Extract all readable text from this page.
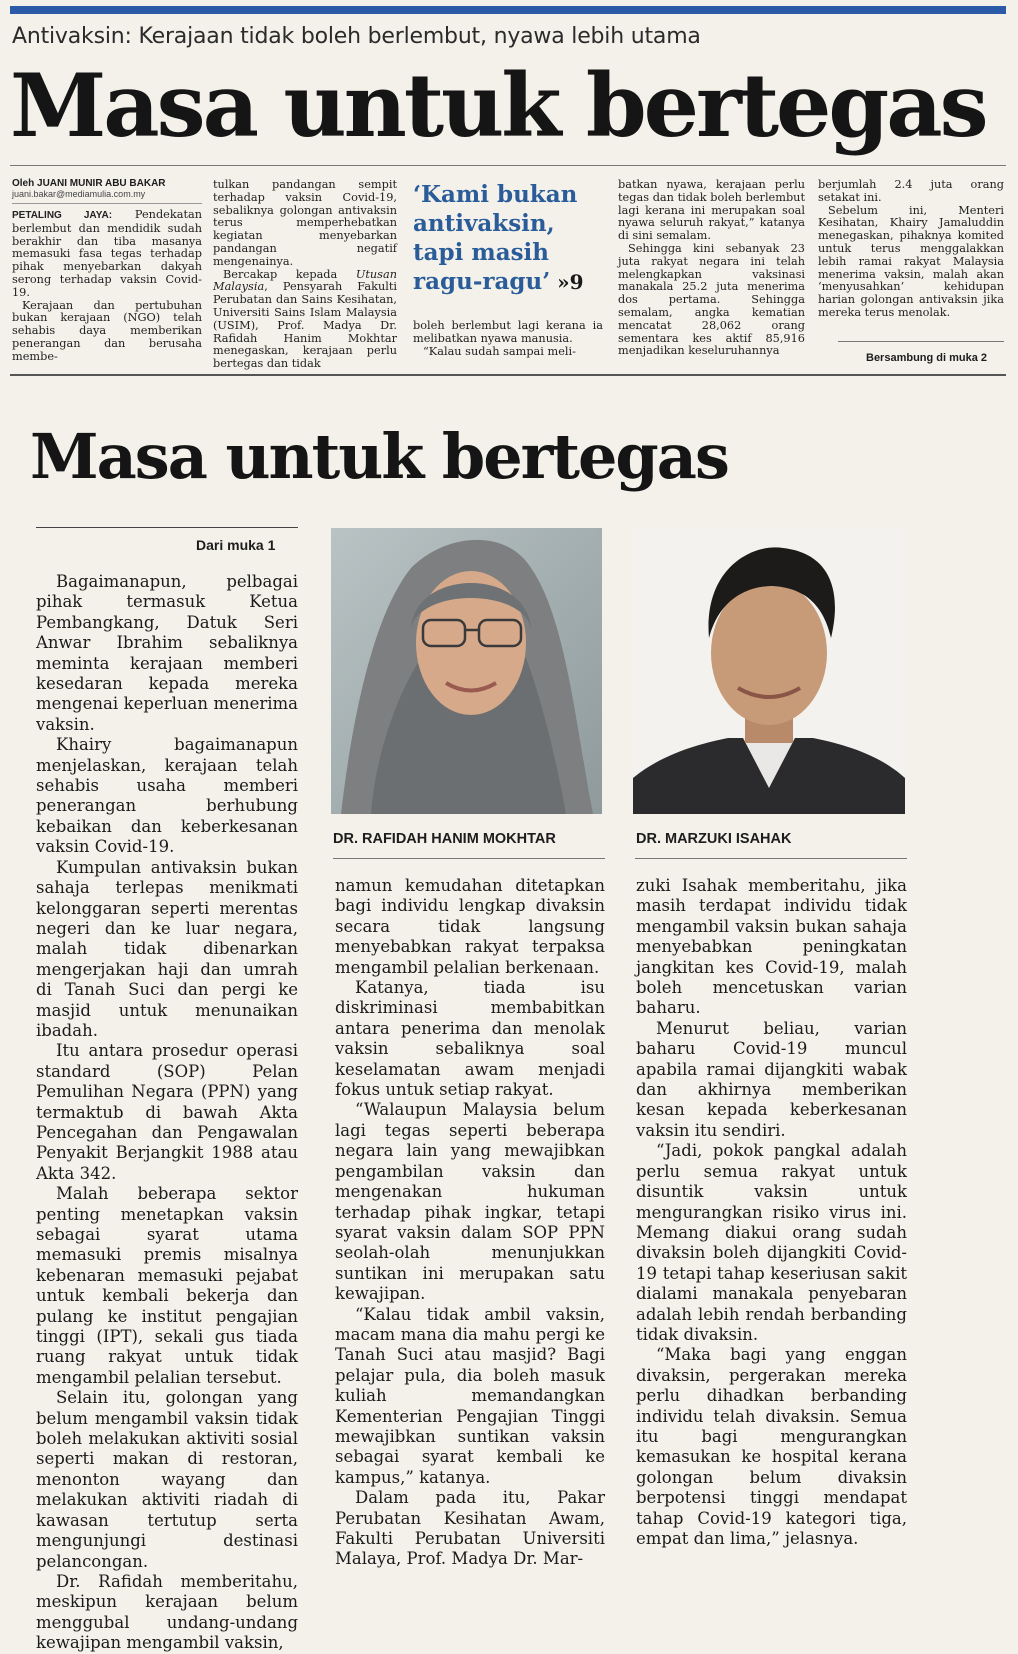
Antivaksin: Kerajaan tidak boleh berlembut, nyawa lebih utama
Masa untuk bertegas
Oleh JUANI MUNIR ABU BAKAR
juani.bakar@mediamulia.com.my

PETALING JAYA: Pendekatan berlembut dan mendidik sudah berakhir dan tiba masanya memasuki fasa tegas terhadap pihak menyebarkan dakyah serong terhadap vaksin Covid-19.

Kerajaan dan pertubuhan bukan kerajaan (NGO) telah sehabis daya memberikan penerangan dan berusaha membe-

tulkan pandangan sempit terhadap vaksin Covid-19, sebaliknya golongan antivaksin terus memperhebatkan kegiatan menyebarkan pandangan negatif mengenainya.

Bercakap kepada Utusan Malaysia, Pensyarah Fakulti Perubatan dan Sains Kesihatan, Universiti Sains Islam Malaysia (USIM), Prof. Madya Dr. Rafidah Hanim Mokhtar menegaskan, kerajaan perlu bertegas dan tidak

‘Kami bukan antivaksin, tapi masih ragu-ragu’ »9

boleh berlembut lagi kerana ia melibatkan nyawa manusia.

“Kalau sudah sampai meli-

batkan nyawa, kerajaan perlu tegas dan tidak boleh berlembut lagi kerana ini merupakan soal nyawa seluruh rakyat,” katanya di sini semalam.

Sehingga kini sebanyak 23 juta rakyat negara ini telah melengkapkan vaksinasi manakala 25.2 juta menerima dos pertama. Sehingga semalam, angka kematian mencatat 28,062 orang sementara kes aktif 85,916 menjadikan keseluruhannya

berjumlah 2.4 juta orang setakat ini.

Sebelum ini, Menteri Kesihatan, Khairy Jamaluddin menegaskan, pihaknya komited untuk terus menggalakkan lebih ramai rakyat Malaysia menerima vaksin, malah akan ‘menyusahkan’ kehidupan harian golongan antivaksin jika mereka terus menolak.

Bersambung di muka 2
Masa untuk bertegas
Dari muka 1

Bagaimanapun, pelbagai pihak termasuk Ketua Pembangkang, Datuk Seri Anwar Ibrahim sebaliknya meminta kerajaan memberi kesedaran kepada mereka mengenai keperluan menerima vaksin.

Khairy bagaimanapun menjelaskan, kerajaan telah sehabis usaha memberi penerangan berhubung kebaikan dan keberkesanan vaksin Covid-19.

Kumpulan antivaksin bukan sahaja terlepas menikmati kelonggaran seperti merentas negeri dan ke luar negara, malah tidak dibenarkan mengerjakan haji dan umrah di Tanah Suci dan pergi ke masjid untuk menunaikan ibadah.

Itu antara prosedur operasi standard (SOP) Pelan Pemulihan Negara (PPN) yang termaktub di bawah Akta Pencegahan dan Pengawalan Penyakit Berjangkit 1988 atau Akta 342.

Malah beberapa sektor penting menetapkan vaksin sebagai syarat utama memasuki premis misalnya kebenaran memasuki pejabat untuk kembali bekerja dan pulang ke institut pengajian tinggi (IPT), sekali gus tiada ruang rakyat untuk tidak mengambil pelalian tersebut.

Selain itu, golongan yang belum mengambil vaksin tidak boleh melakukan aktiviti sosial seperti makan di restoran, menonton wayang dan melakukan aktiviti riadah di kawasan tertutup serta mengunjungi destinasi pelancongan.

Dr. Rafidah memberitahu, meskipun kerajaan belum menggubal undang-undang kewajipan mengambil vaksin,

DR. RAFIDAH HANIM MOKHTAR	DR. MARZUKI ISAHAK

namun kemudahan ditetapkan bagi individu lengkap divaksin secara tidak langsung menyebabkan rakyat terpaksa mengambil pelalian berkenaan.

Katanya, tiada isu diskriminasi membabitkan antara penerima dan menolak vaksin sebaliknya soal keselamatan awam menjadi fokus untuk setiap rakyat.

“Walaupun Malaysia belum lagi tegas seperti beberapa negara lain yang mewajibkan pengambilan vaksin dan mengenakan hukuman terhadap pihak ingkar, tetapi syarat vaksin dalam SOP PPN seolah-olah menunjukkan suntikan ini merupakan satu kewajipan.

“Kalau tidak ambil vaksin, macam mana dia mahu pergi ke Tanah Suci atau masjid? Bagi pelajar pula, dia boleh masuk kuliah memandangkan Kementerian Pengajian Tinggi mewajibkan suntikan vaksin sebagai syarat kembali ke kampus,” katanya.

Dalam pada itu, Pakar Perubatan Kesihatan Awam, Fakulti Perubatan Universiti Malaya, Prof. Madya Dr. Mar-

zuki Isahak memberitahu, jika masih terdapat individu tidak mengambil vaksin bukan sahaja menyebabkan peningkatan jangkitan kes Covid-19, malah boleh mencetuskan varian baharu.

Menurut beliau, varian baharu Covid-19 muncul apabila ramai dijangkiti wabak dan akhirnya memberikan kesan kepada keberkesanan vaksin itu sendiri.

“Jadi, pokok pangkal adalah perlu semua rakyat untuk disuntik vaksin untuk mengurangkan risiko virus ini. Memang diakui orang sudah divaksin boleh dijangkiti Covid-19 tetapi tahap keseriusan sakit dialami manakala penyebaran adalah lebih rendah berbanding tidak divaksin.

“Maka bagi yang enggan divaksin, pergerakan mereka perlu dihadkan berbanding individu telah divaksin. Semua itu bagi mengurangkan kemasukan ke hospital kerana golongan belum divaksin berpotensi tinggi mendapat tahap Covid-19 kategori tiga, empat dan lima,” jelasnya.
